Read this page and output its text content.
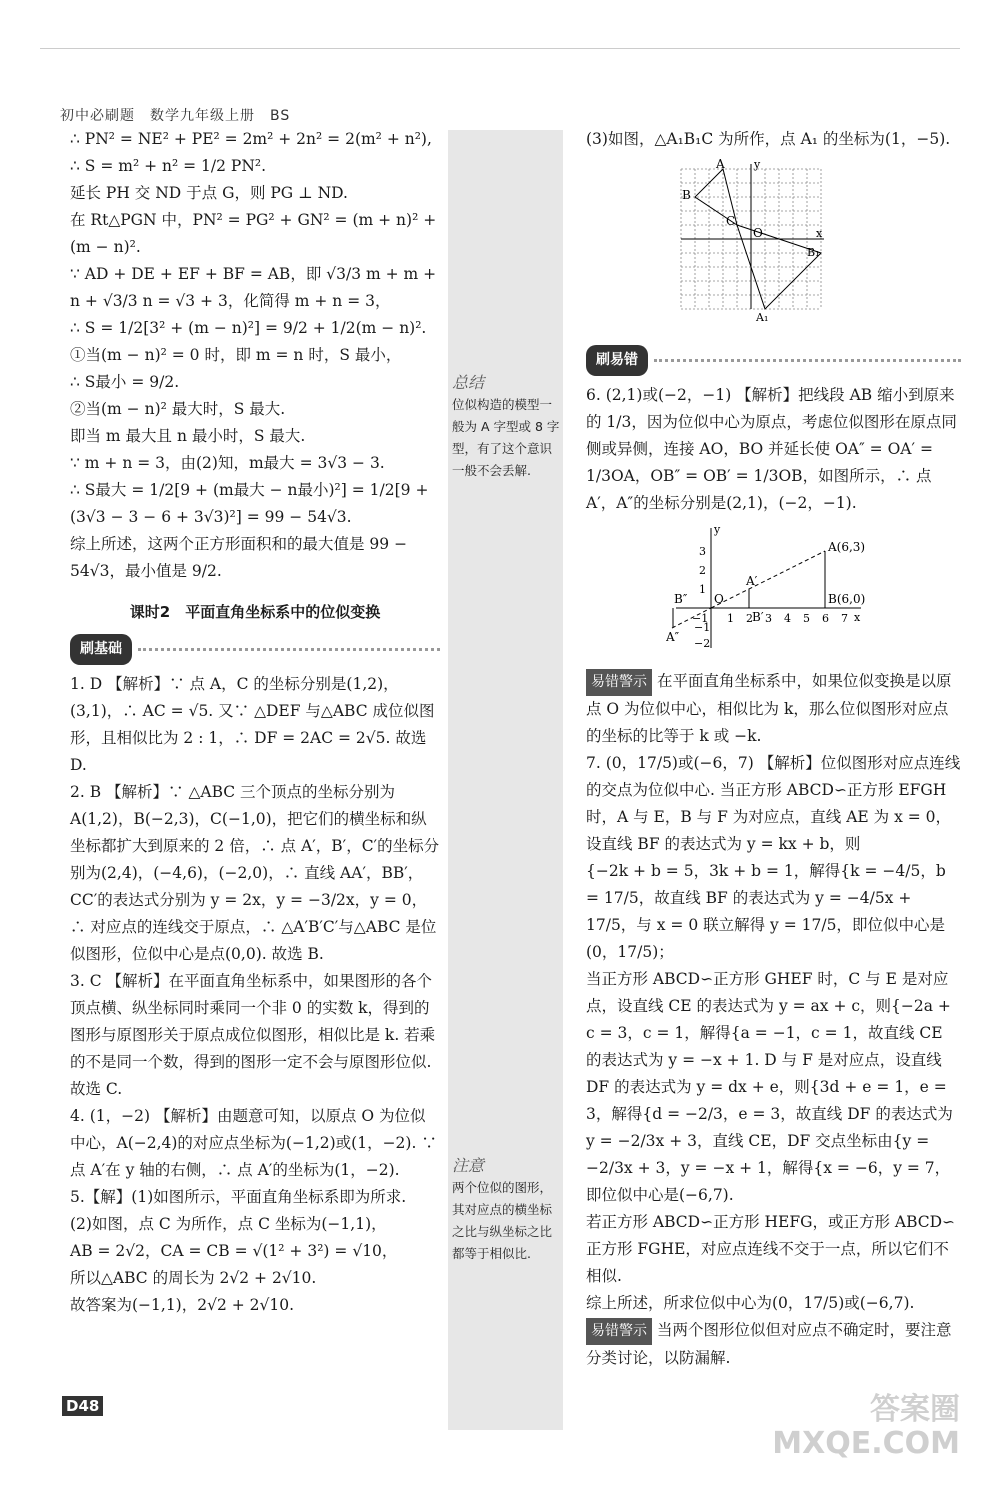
初中必刷题　数学九年级上册　BS
总结
位似构造的模型一般为 A 字型或 8 字型，有了这个意识一般不会丢解.
注意
两个位似的图形，其对应点的横坐标之比与纵坐标之比都等于相似比.

∴ PN² = NE² + PE² = 2m² + 2n² = 2(m² + n²),

∴ S = m² + n² = 1/2 PN².

延长 PH 交 ND 于点 G，则 PG ⊥ ND.

在 Rt△PGN 中，PN² = PG² + GN² = (m + n)² + (m − n)².

∵ AD + DE + EF + BF = AB，即 √3/3 m + m + n + √3/3 n = √3 + 3，化简得 m + n = 3，

∴ S = 1/2[3² + (m − n)²] = 9/2 + 1/2(m − n)².

①当(m − n)² = 0 时，即 m = n 时，S 最小，

∴ S最小 = 9/2.

②当(m − n)² 最大时，S 最大.

即当 m 最大且 n 最小时，S 最大.

∵ m + n = 3，由(2)知，m最大 = 3√3 − 3.

∴ S最大 = 1/2[9 + (m最大 − n最小)²] = 1/2[9 + (3√3 − 3 − 6 + 3√3)²] = 99 − 54√3.

综上所述，这两个正方形面积和的最大值是 99 − 54√3，最小值是 9/2.

课时2　平面直角坐标系中的位似变换
刷基础

1. D 【解析】∵ 点 A，C 的坐标分别是(1,2)，(3,1)，∴ AC = √5. 又∵ △DEF 与△ABC 成位似图形，且相似比为 2 : 1，∴ DF = 2AC = 2√5. 故选 D.

2. B 【解析】∵ △ABC 三个顶点的坐标分别为 A(1,2)，B(−2,3)，C(−1,0)，把它们的横坐标和纵坐标都扩大到原来的 2 倍，∴ 点 A′，B′，C′的坐标分别为(2,4)，(−4,6)，(−2,0)，∴ 直线 AA′，BB′，CC′的表达式分别为 y = 2x，y = −3/2x，y = 0，∴ 对应点的连线交于原点，∴ △A′B′C′与△ABC 是位似图形，位似中心是点(0,0). 故选 B.

3. C 【解析】在平面直角坐标系中，如果图形的各个顶点横、纵坐标同时乘同一个非 0 的实数 k，得到的图形与原图形关于原点成位似图形，相似比是 k. 若乘的不是同一个数，得到的图形一定不会与原图形位似. 故选 C.

4. (1，−2) 【解析】由题意可知，以原点 O 为位似中心，A(−2,4)的对应点坐标为(−1,2)或(1，−2). ∵ 点 A′在 y 轴的右侧，∴ 点 A′的坐标为(1，−2).

5.【解】(1)如图所示，平面直角坐标系即为所求.

(2)如图，点 C 为所作，点 C 坐标为(−1,1)，

AB = 2√2，CA = CB = √(1² + 3²) = √10，

所以△ABC 的周长为 2√2 + 2√10.

故答案为(−1,1)，2√2 + 2√10.

(3)如图，△A₁B₁C 为所作，点 A₁ 的坐标为(1，−5).

A
B
C
O	x
y
B₁
A₁
刷易错

6. (2,1)或(−2，−1) 【解析】把线段 AB 缩小到原来的 1/3，因为位似中心为原点，考虑位似图形在原点同侧或异侧，连接 AO，BO 并延长使 OA″ = OA′ = 1/3OA，OB″ = OB′ = 1/3OB，如图所示，∴ 点 A′，A″的坐标分别是(2,1)，(−2，−1).

A(6,3)
B(6,0)
A′
B′
A″
B″ O
x
y
−1 1 2 3 4 5 6 7
3
2
1
−1
−2

易错警示 在平面直角坐标系中，如果位似变换是以原点 O 为位似中心，相似比为 k，那么位似图形对应点的坐标的比等于 k 或 −k.

7. (0，17/5)或(−6，7) 【解析】位似图形对应点连线的交点为位似中心. 当正方形 ABCD∽正方形 EFGH 时，A 与 E，B 与 F 为对应点，直线 AE 为 x = 0，设直线 BF 的表达式为 y = kx + b，则

{−2k + b = 5，3k + b = 1，解得{k = −4/5，b = 17/5，故直线 BF 的表达式为 y = −4/5x + 17/5，与 x = 0 联立解得 y = 17/5，即位似中心是(0，17/5)；

当正方形 ABCD∽正方形 GHEF 时，C 与 E 是对应点，设直线 CE 的表达式为 y = ax + c，则{−2a + c = 3，c = 1，解得{a = −1，c = 1，故直线 CE 的表达式为 y = −x + 1. D 与 F 是对应点，设直线 DF 的表达式为 y = dx + e，则{3d + e = 1，e = 3，解得{d = −2/3，e = 3，故直线 DF 的表达式为 y = −2/3x + 3，直线 CE，DF 交点坐标由{y = −2/3x + 3，y = −x + 1，解得{x = −6，y = 7，即位似中心是(−6,7).

若正方形 ABCD∽正方形 HEFG，或正方形 ABCD∽正方形 FGHE，对应点连线不交于一点，所以它们不相似.

综上所述，所求位似中心为(0，17/5)或(−6,7).

易错警示 当两个图形位似但对应点不确定时，要注意分类讨论，以防漏解.

D48	答案圈
MXQE.COM
